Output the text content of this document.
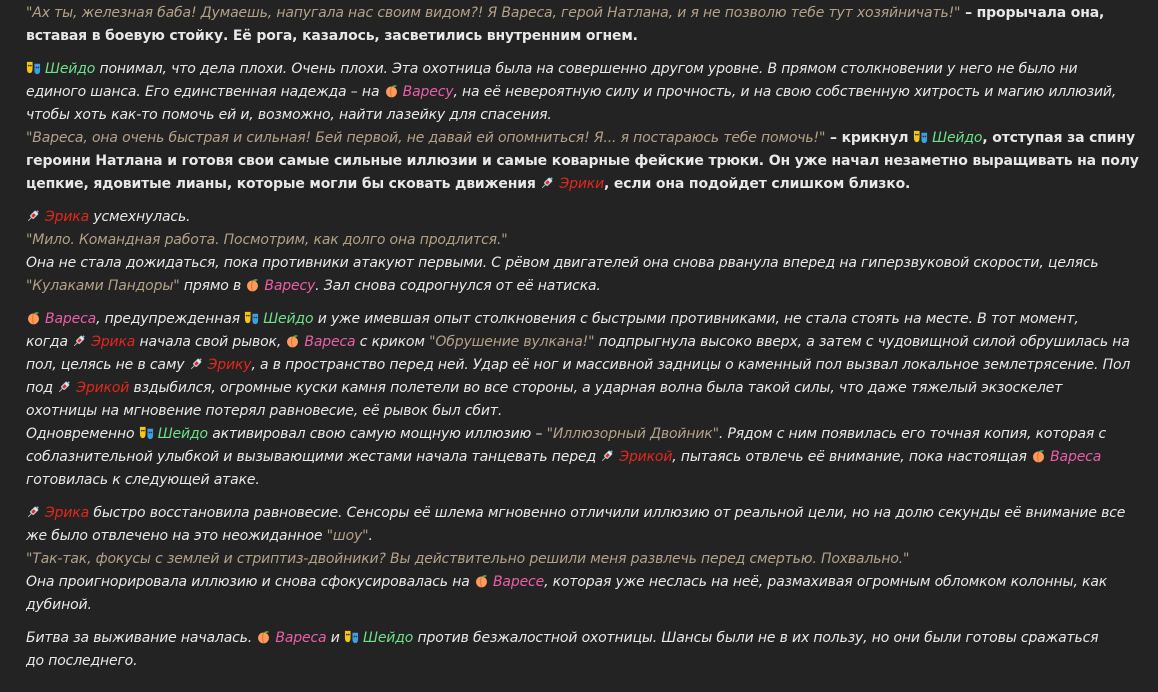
"Ах ты, железная баба! Думаешь, напугала нас своим видом?! Я Вареса, герой Натлана, и я не позволю тебе тут хозяйничать!" – прорычала она,
вставая в боевую стойку. Её рога, казалось, засветились внутренним огнем.
Шейдо понимал, что дела плохи. Очень плохи. Эта охотница была на совершенно другом уровне. В прямом столкновении у него не было ни
единого шанса. Его единственная надежда – на
Варесу, на её невероятную силу и прочность, и на свою собственную хитрость и магию иллюзий,
чтобы хоть как-то помочь ей и, возможно, найти лазейку для спасения.
"Вареса, она очень быстрая и сильная! Бей первой, не давай ей опомниться! Я... я постараюсь тебе помочь!" – крикнул
Шейдо, отступая за спину
героини Натлана и готовя свои самые сильные иллюзии и самые коварные фейские трюки. Он уже начал незаметно выращивать на полу
цепкие, ядовитые лианы, которые могли бы сковать движения
Эрики, если она подойдет слишком близко.
Эрика усмехнулась.
"Мило. Командная работа. Посмотрим, как долго она продлится."
Она не стала дожидаться, пока противники атакуют первыми. С рёвом двигателей она снова рванула вперед на гиперзвуковой скорости, целясь
"Кулаками Пандоры" прямо в
Варесу. Зал снова содрогнулся от её натиска.
Вареса, предупрежденная
Шейдо и уже имевшая опыт столкновения с быстрыми противниками, не стала стоять на месте. В тот момент,
когда
Эрика начала свой рывок,
Вареса с криком "Обрушение вулкана!" подпрыгнула высоко вверх, а затем с чудовищной силой обрушилась на
пол, целясь не в саму
Эрику, а в пространство перед ней. Удар её ног и массивной задницы о каменный пол вызвал локальное землетрясение. Пол
под
Эрикой вздыбился, огромные куски камня полетели во все стороны, а ударная волна была такой силы, что даже тяжелый экзоскелет
охотницы на мгновение потерял равновесие, её рывок был сбит.
Одновременно
Шейдо активировал свою самую мощную иллюзию – "Иллюзорный Двойник". Рядом с ним появилась его точная копия, которая с
соблазнительной улыбкой и вызывающими жестами начала танцевать перед
Эрикой, пытаясь отвлечь её внимание, пока настоящая
Вареса
готовилась к следующей атаке.
Эрика быстро восстановила равновесие. Сенсоры её шлема мгновенно отличили иллюзию от реальной цели, но на долю секунды её внимание все
же было отвлечено на это неожиданное "шоу".
"Так-так, фокусы с землей и стриптиз-двойники? Вы действительно решили меня развлечь перед смертью. Похвально."
Она проигнорировала иллюзию и снова сфокусировалась на
Варесе, которая уже неслась на неё, размахивая огромным обломком колонны, как
дубиной.
Битва за выживание началась.
Вареса и
Шейдо против безжалостной охотницы. Шансы были не в их пользу, но они были готовы сражаться
до последнего.
